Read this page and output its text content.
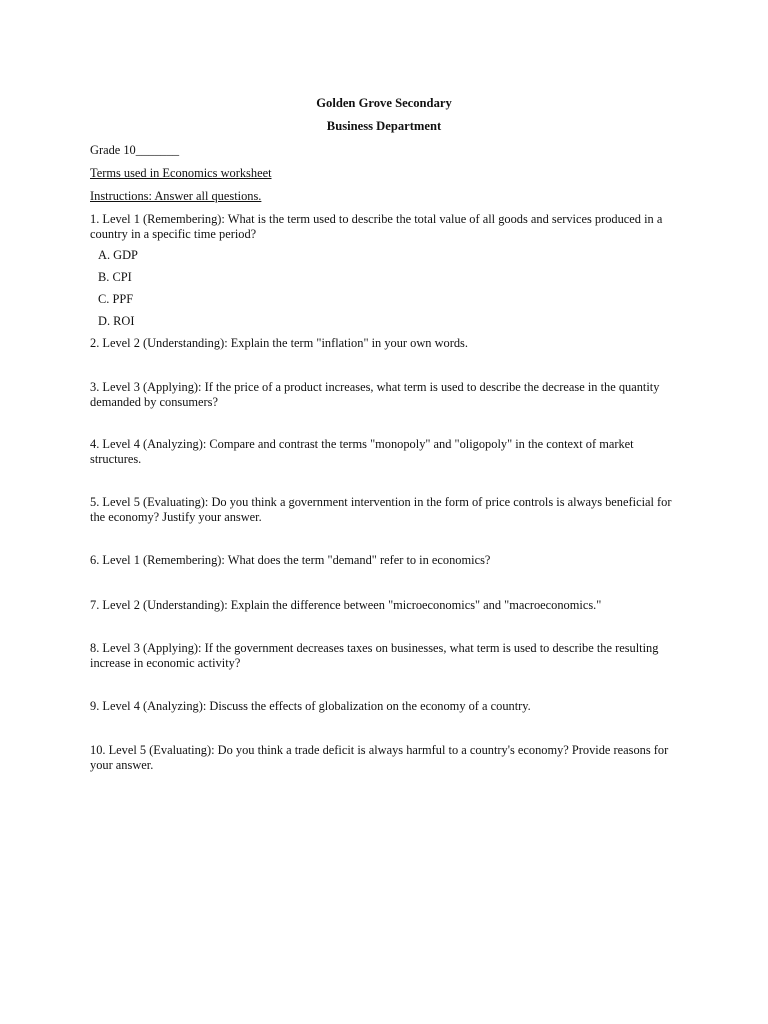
Golden Grove Secondary

Business Department

Grade 10_______

Terms used in Economics worksheet

Instructions: Answer all questions.

1. Level 1 (Remembering): What is the term used to describe the total value of all goods and services produced in a country in a specific time period?

A. GDP

B. CPI

C. PPF

D. ROI

2. Level 2 (Understanding): Explain the term "inflation" in your own words.

3. Level 3 (Applying): If the price of a product increases, what term is used to describe the decrease in the quantity demanded by consumers?

4. Level 4 (Analyzing): Compare and contrast the terms "monopoly" and "oligopoly" in the context of market structures.

5. Level 5 (Evaluating): Do you think a government intervention in the form of price controls is always beneficial for the economy? Justify your answer.

6. Level 1 (Remembering): What does the term "demand" refer to in economics?

7. Level 2 (Understanding): Explain the difference between "microeconomics" and "macroeconomics."

8. Level 3 (Applying): If the government decreases taxes on businesses, what term is used to describe the resulting increase in economic activity?

9. Level 4 (Analyzing): Discuss the effects of globalization on the economy of a country.

10. Level 5 (Evaluating): Do you think a trade deficit is always harmful to a country's economy? Provide reasons for your answer.
